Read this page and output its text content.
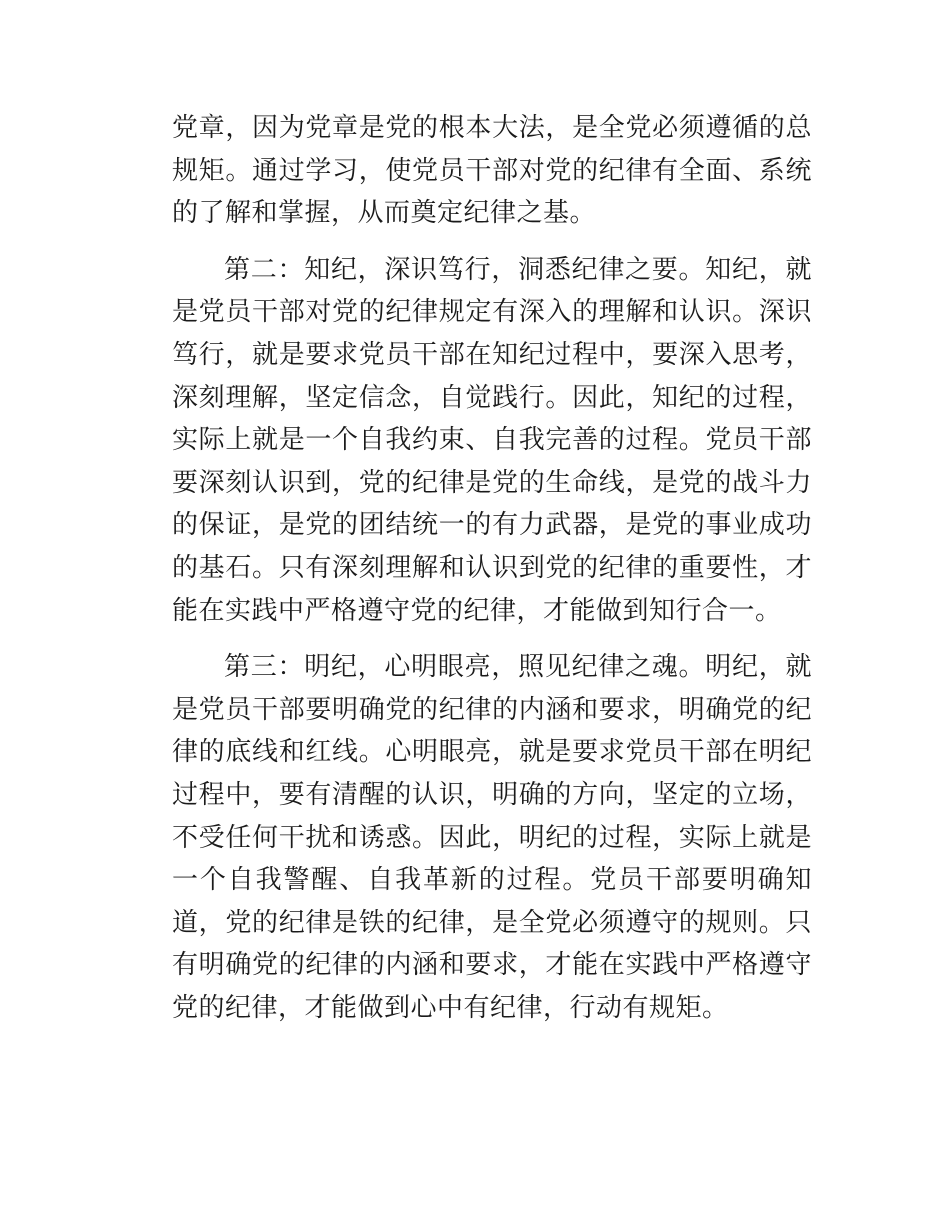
党章，因为党章是党的根本大法，是全党必须遵循的总规矩。通过学习，使党员干部对党的纪律有全面、系统的了解和掌握，从而奠定纪律之基。

第二：知纪，深识笃行，洞悉纪律之要。知纪，就是党员干部对党的纪律规定有深入的理解和认识。深识笃行，就是要求党员干部在知纪过程中，要深入思考，深刻理解，坚定信念，自觉践行。因此，知纪的过程，实际上就是一个自我约束、自我完善的过程。党员干部要深刻认识到，党的纪律是党的生命线，是党的战斗力的保证，是党的团结统一的有力武器，是党的事业成功的基石。只有深刻理解和认识到党的纪律的重要性，才能在实践中严格遵守党的纪律，才能做到知行合一。

第三：明纪，心明眼亮，照见纪律之魂。明纪，就是党员干部要明确党的纪律的内涵和要求，明确党的纪律的底线和红线。心明眼亮，就是要求党员干部在明纪过程中，要有清醒的认识，明确的方向，坚定的立场，不受任何干扰和诱惑。因此，明纪的过程，实际上就是一个自我警醒、自我革新的过程。党员干部要明确知道，党的纪律是铁的纪律，是全党必须遵守的规则。只有明确党的纪律的内涵和要求，才能在实践中严格遵守党的纪律，才能做到心中有纪律，行动有规矩。
